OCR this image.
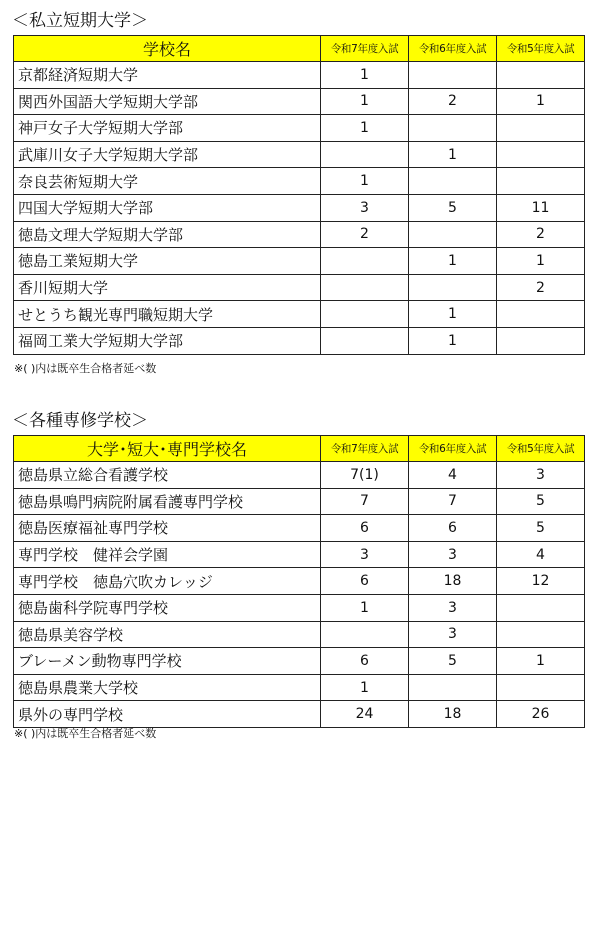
＜私立短期大学＞
学校名	令和7年度入試	令和6年度入試	令和5年度入試
京都経済短期大学	1		
関西外国語大学短期大学部	1	2	1
神戸女子大学短期大学部	1		
武庫川女子大学短期大学部		1	
奈良芸術短期大学	1		
四国大学短期大学部	3	5	11
徳島文理大学短期大学部	2		2
徳島工業短期大学		1	1
香川短期大学			2
せとうち観光専門職短期大学		1	
福岡工業大学短期大学部		1	
※( )内は既卒生合格者延べ数
＜各種専修学校＞
大学･短大･専門学校名	令和7年度入試	令和6年度入試	令和5年度入試
徳島県立総合看護学校	7(1)	4	3
徳島県鳴門病院附属看護専門学校	7	7	5
徳島医療福祉専門学校	6	6	5
専門学校　健祥会学園	3	3	4
専門学校　徳島穴吹カレッジ	6	18	12
徳島歯科学院専門学校	1	3	
徳島県美容学校		3	
ブレーメン動物専門学校	6	5	1
徳島県農業大学校	1		
県外の専門学校	24	18	26
※( )内は既卒生合格者延べ数
